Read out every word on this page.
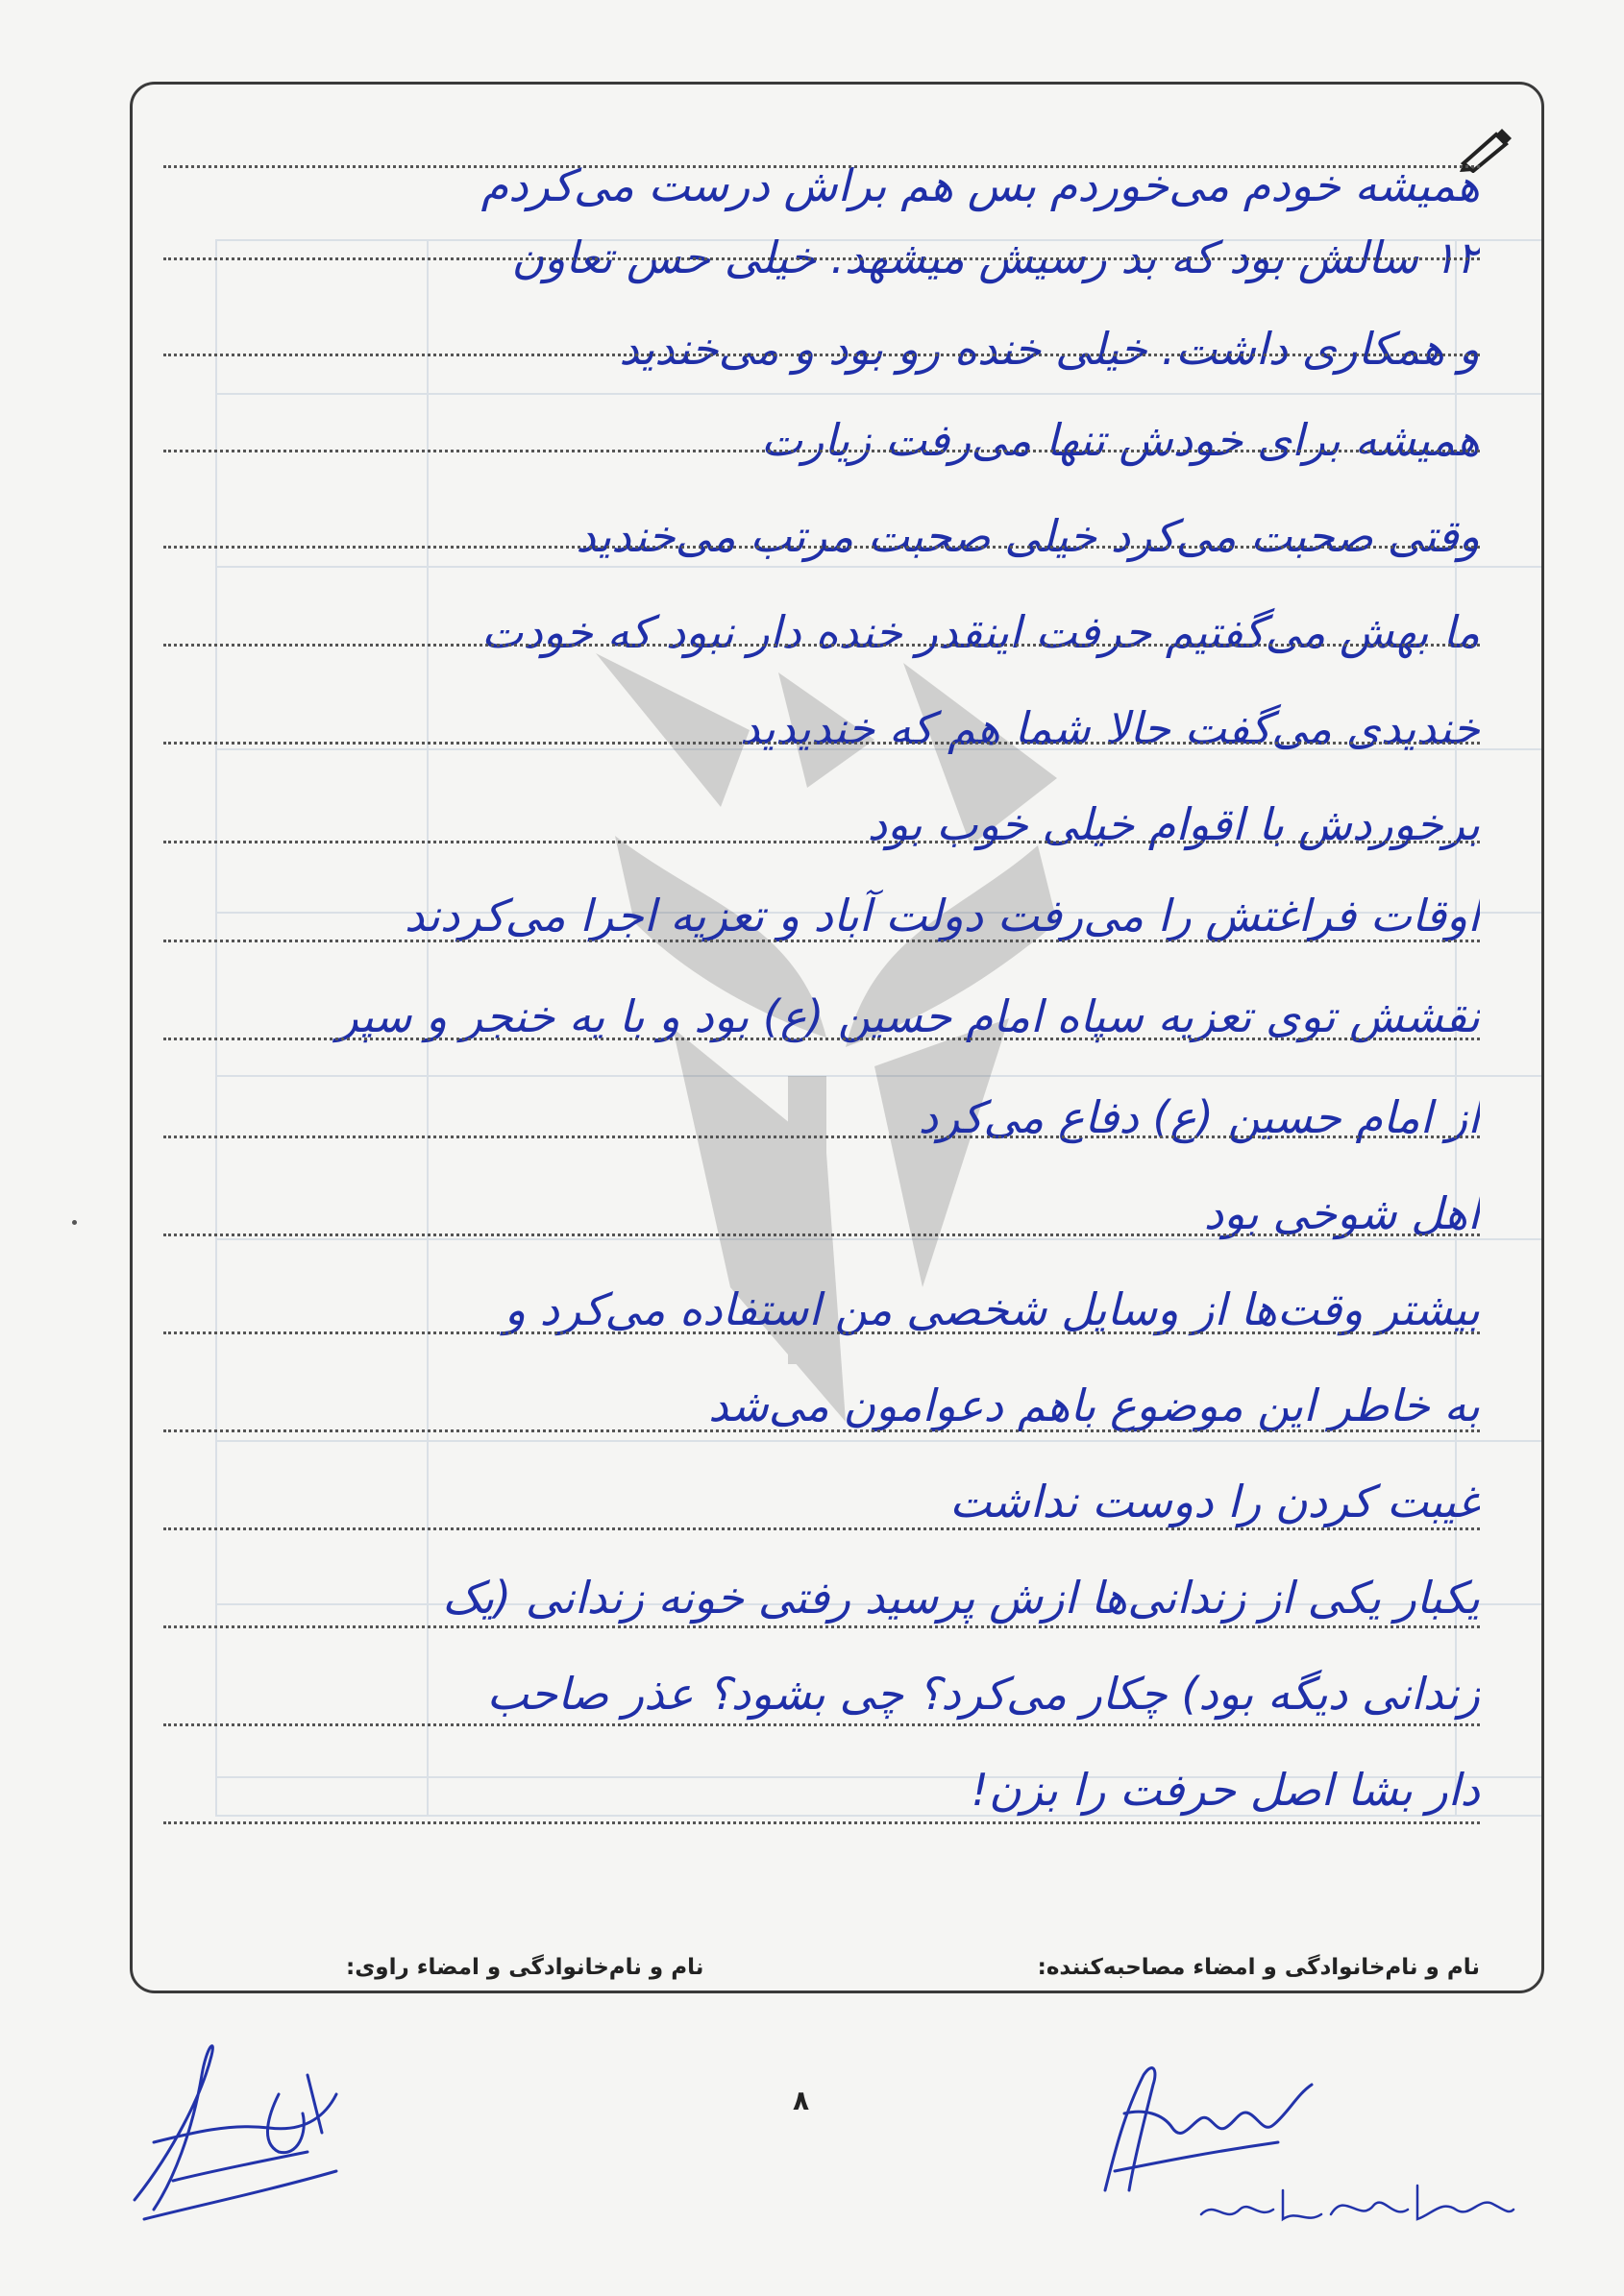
همیشه خودم می‌خوردم بس هم براش درست می‌کردم
۱۲ سالش بود که بد رسیش میشهد. خیلی حس تعاون
و همکاری داشت. خیلی خنده رو بود و می‌خندید
همیشه برای خودش تنها می‌رفت زیارت
وقتی صحبت می‌کرد خیلی صحبت مرتب می‌خندید
ما بهش می‌گفتیم حرفت اینقدر خنده دار نبود که خودت
خندیدی می‌گفت حالا شما هم که خندیدید
برخوردش با اقوام خیلی خوب بود
اوقات فراغتش را می‌رفت دولت آباد و تعزیه اجرا می‌کردند
نقشش توی تعزیه سپاه امام حسین (ع) بود و با یه خنجر و سپر
از امام حسین (ع) دفاع می‌کرد
اهل شوخی بود
بیشتر وقت‌ها از وسایل شخصی من استفاده می‌کرد و
به خاطر این موضوع باهم دعوامون می‌شد
غیبت کردن را دوست نداشت
یکبار یکی از زندانی‌ها ازش پرسید رفتی خونه زندانی (یک
زندانی دیگه بود) چکار می‌کرد؟ چی بشود؟ عذر صاحب
دار بشا اصل حرفت را بزن!
نام و نام‌خانوادگی و امضاء مصاحبه‌کننده:
نام و نام‌خانوادگی و امضاء راوی:
۸
